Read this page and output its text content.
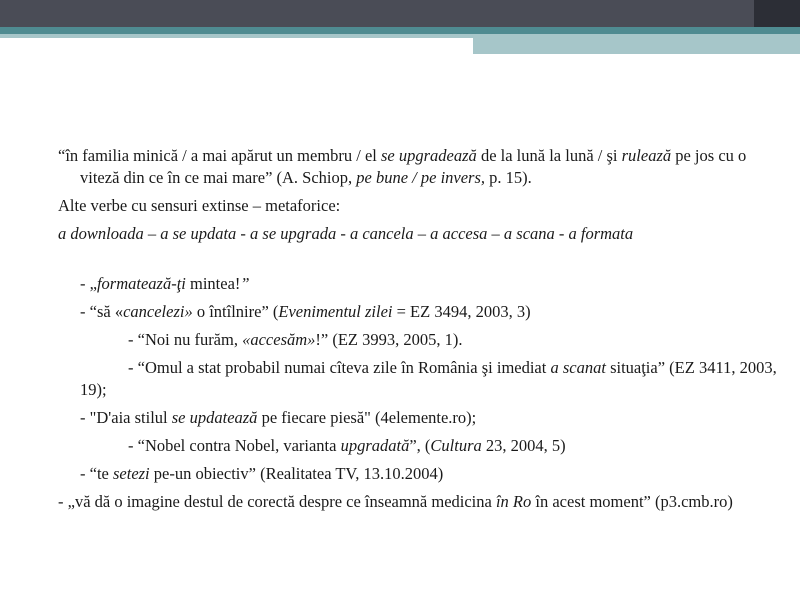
“în familia minică / a mai apărut un membru / el se upgradează de la lună la lună / şi rulează pe jos cu o viteză din ce în ce mai mare” (A. Schiop, pe bune / pe invers, p. 15).

Alte verbe cu sensuri extinse – metaforice:

a downloada – a se updata - a se upgrada - a cancela – a accesa – a scana - a formata

- „formatează-ţi mintea!”

- “să «cancelezi» o întîlnire” (Evenimentul zilei = EZ 3494, 2003, 3)

- “Noi nu furăm, «accesăm»!” (EZ 3993, 2005, 1).

- “Omul a stat probabil numai cîteva zile în România şi imediat a scanat situaţia” (EZ 3411, 2003, 19);

- "D'aia stilul se updatează pe fiecare piesă" (4elemente.ro);

- “Nobel contra Nobel, varianta upgradată”, (Cultura 23, 2004, 5)

- “te setezi pe-un obiectiv” (Realitatea TV, 13.10.2004)

- „vă dă o imagine destul de corectă despre ce înseamnă medicina în Ro în acest moment” (p3.cmb.ro)
